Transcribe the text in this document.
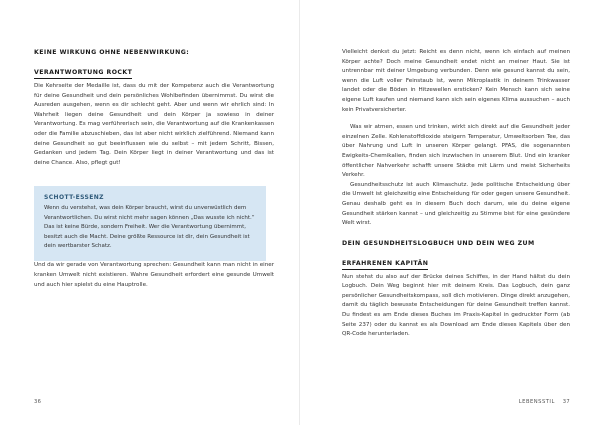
KEINE WIRKUNG OHNE NEBENWIRKUNG:
VERANTWORTUNG ROCKT

Die Kehrseite der Medaille ist, dass du mit der Kompetenz auch die Verantwortung für deine Gesundheit und dein persönliches Wohlbefinden übernimmst. Du wirst die Ausreden ausgehen, wenn es dir schlecht geht. Aber und wenn wir ehrlich sind: In Wahrheit liegen deine Gesundheit und dein Körper ja sowieso in deiner Verantwortung. Es mag verführerisch sein, die Verantwortung auf die Krankenkassen oder die Familie abzuschieben, das ist aber nicht wirklich zielführend. Niemand kann deine Gesundheit so gut beeinflussen wie du selbst – mit jedem Schritt, Bissen, Gedanken und jedem Tag. Dein Körper liegt in deiner Verantwortung und das ist deine Chance. Also, pflegt gut!

SCHOTT-ESSENZ

Wenn du verstehst, was dein Körper braucht, wirst du unverwüstlich dem Verantwortlichen. Du wirst nicht mehr sagen können „Das wusste ich nicht.“ Das ist keine Bürde, sondern Freiheit. Wer die Verantwortung übernimmt, besitzt auch die Macht. Deine größte Ressource ist dir, dein Gesundheit ist dein wertbarster Schatz.

Und da wir gerade von Verantwortung sprechen: Gesundheit kann man nicht in einer kranken Umwelt nicht existieren. Wahre Gesundheit erfordert eine gesunde Umwelt und auch hier spielst du eine Hauptrolle.

36

Vielleicht denkst du jetzt: Reicht es denn nicht, wenn ich einfach auf meinen Körper achte? Doch meine Gesundheit endet nicht an meiner Haut. Sie ist untrennbar mit deiner Umgebung verbunden. Denn wie gesund kannst du sein, wenn die Luft voller Feinstaub ist, wenn Mikroplastik in deinem Trinkwasser landet oder die Böden in Hitzewellen ersticken? Kein Mensch kann sich seine eigene Luft kaufen und niemand kann sich sein eigenes Klima aussuchen – auch kein Privatversicherter.

Was wir atmen, essen und trinken, wirkt sich direkt auf die Gesundheit jeder einzelnen Zelle. Kohlenstoffdioxide steigern Temperatur, Umweltsorben Tee, das über Nahrung und Luft in unseren Körper gelangt. PFAS, die sogenannten Ewigkeits-Chemikalien, finden sich inzwischen in unserem Blut. Und ein kranker öffentlicher Nahverkehr schafft unsere Städte mit Lärm und meist Sicherheits Verkehr.

Gesundheitsschutz ist auch Klimaschutz. Jede politische Entscheidung über die Umwelt ist gleichzeitig eine Entscheidung für oder gegen unsere Gesundheit. Genau deshalb geht es in diesem Buch doch darum, wie du deine eigene Gesundheit stärken kannst – und gleichzeitig zu Stimme bist für eine gesündere Welt wirst.

DEIN GESUNDHEITSLOGBUCH UND DEIN WEG ZUM
ERFAHRENEN KAPITÄN

Nun stehst du also auf der Brücke deines Schiffes, in der Hand hältst du dein Logbuch. Dein Weg beginnt hier mit deinem Kreis. Das Logbuch, dein ganz persönlicher Gesundheitskompass, soll dich motivieren. Dinge direkt anzugehen, damit du täglich bewusste Entscheidungen für deine Gesundheit treffen kannst. Du findest es am Ende dieses Buches im Praxis-Kapitel in gedruckter Form (ab Seite 237) oder du kannst es als Download am Ende dieses Kapitels über den QR-Code herunterladen.

LEBENSSTIL 37
